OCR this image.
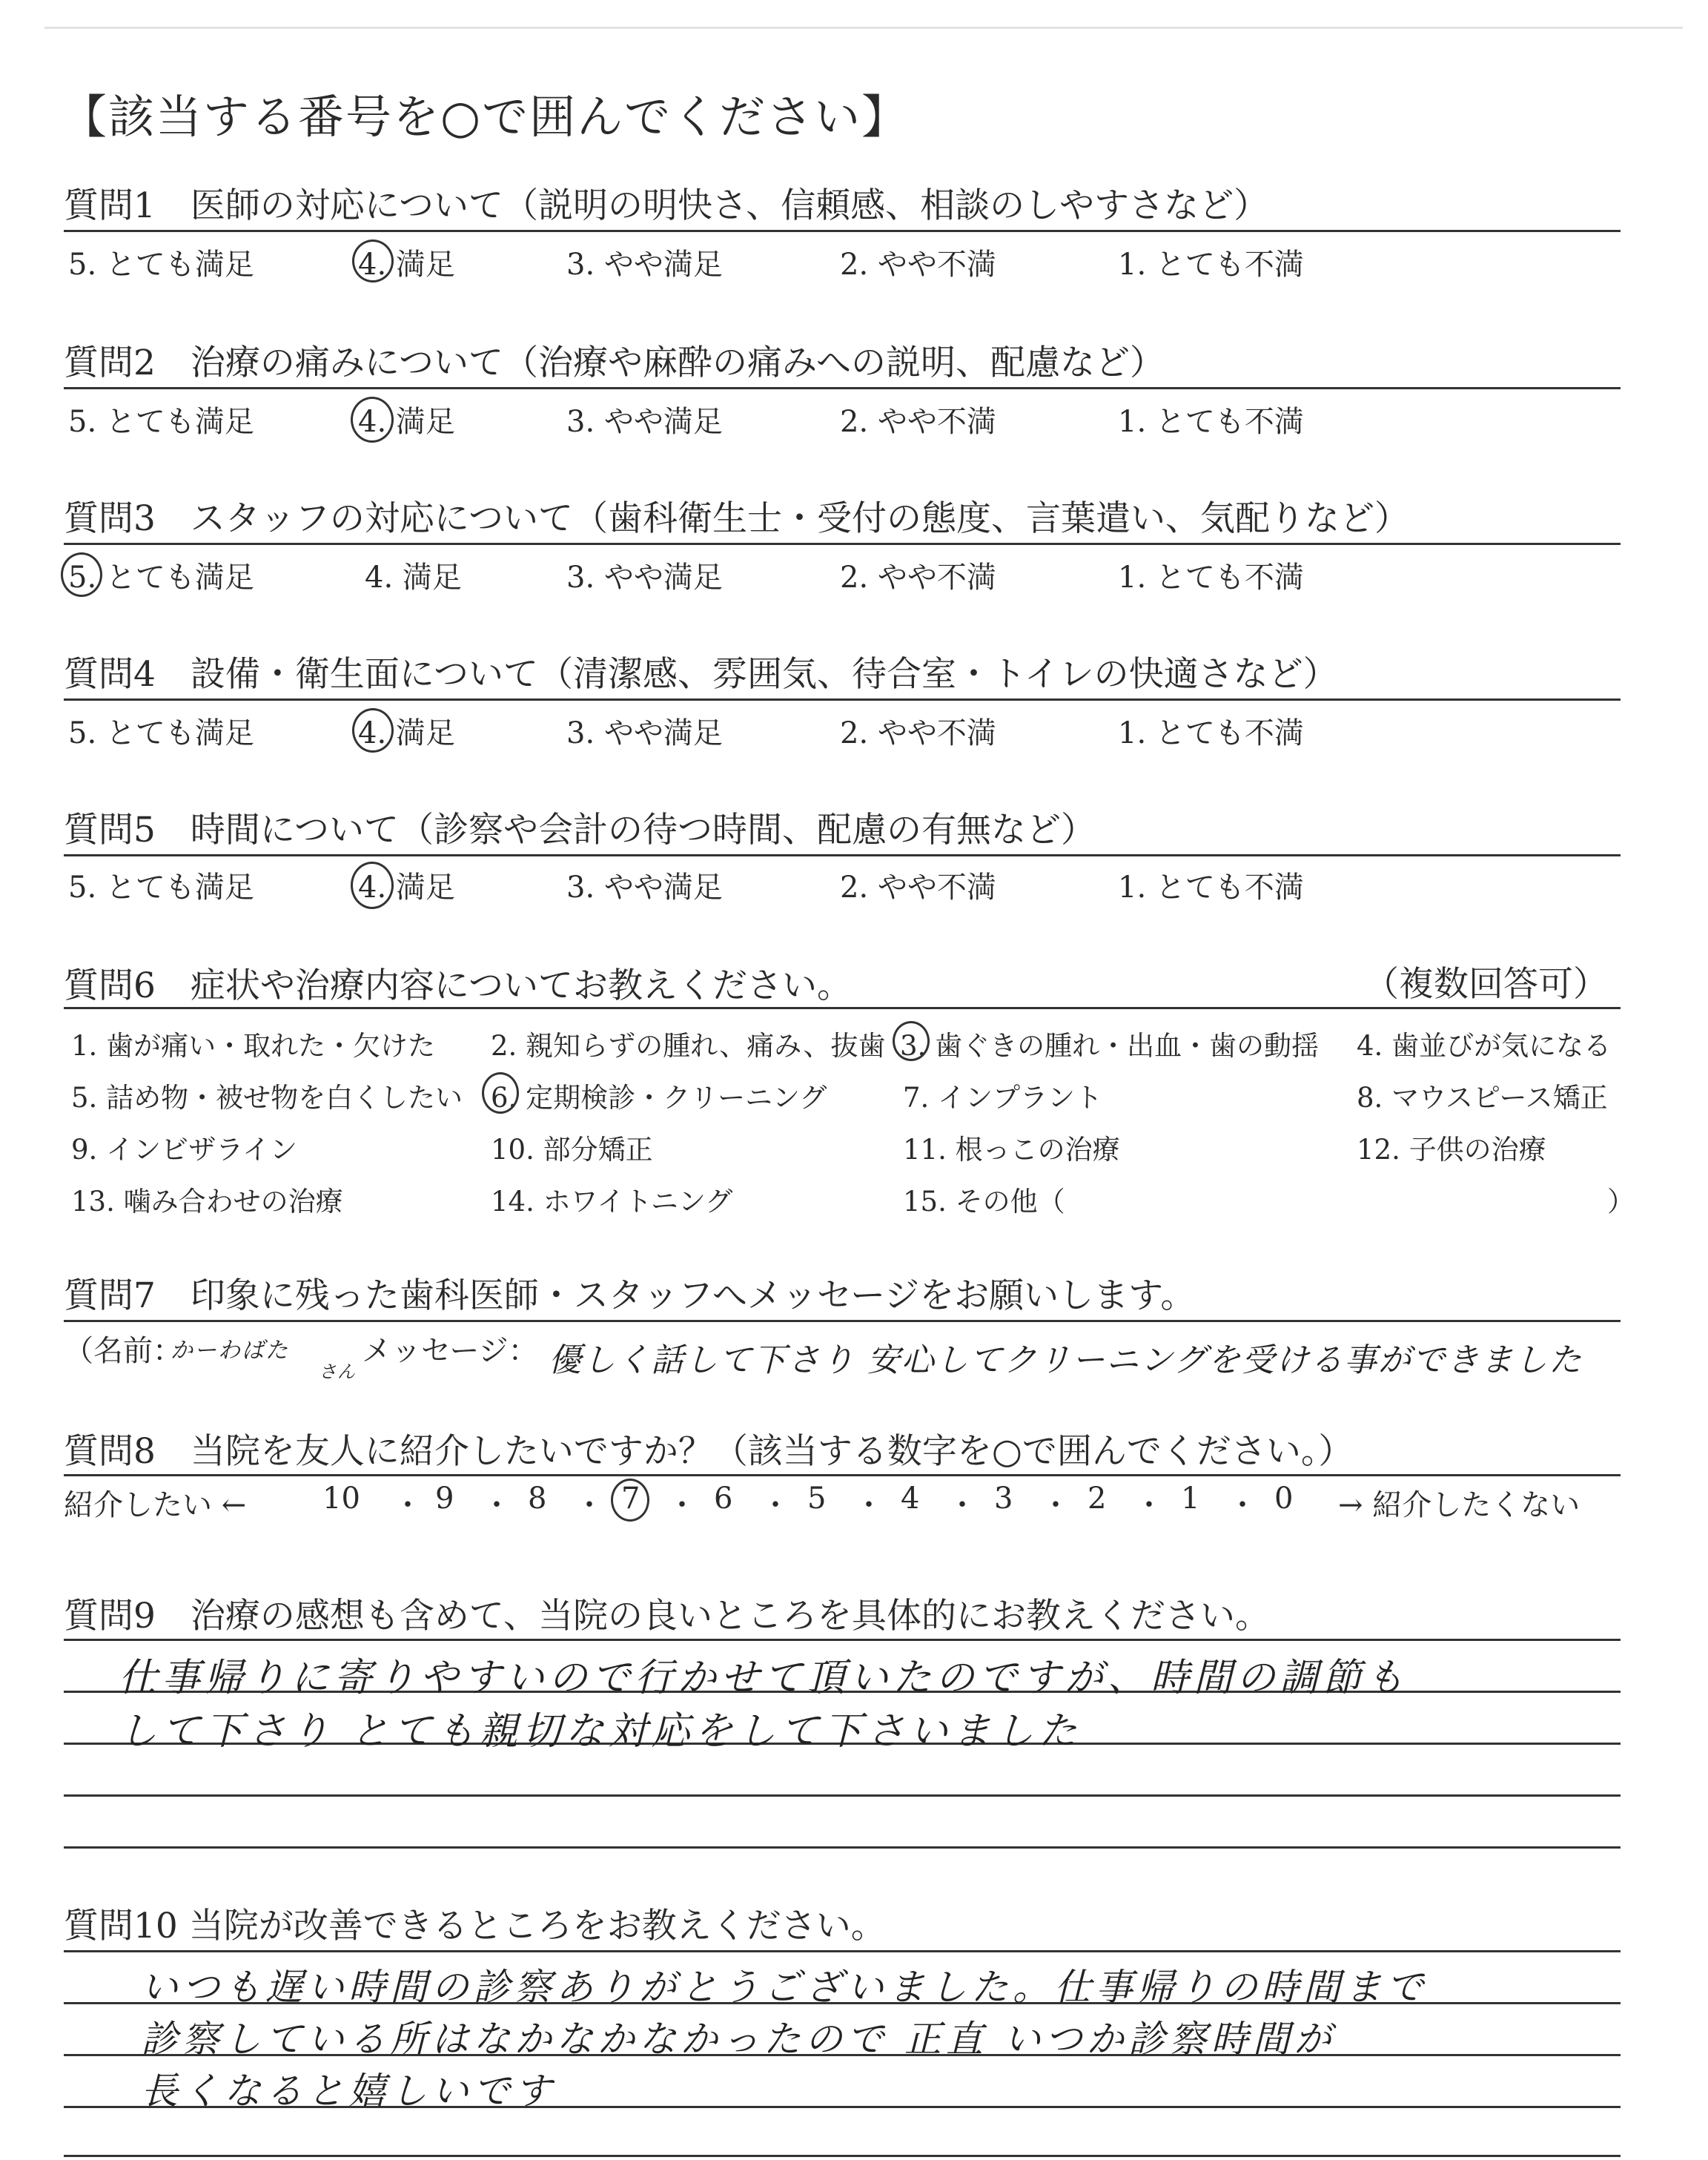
【該当する番号を○で囲んでください】
質問1　医師の対応について（説明の明快さ、信頼感、相談のしやすさなど）
5. とても満足	4. 満足	3. やや満足	2. やや不満	1. とても不満
質問2　治療の痛みについて（治療や麻酔の痛みへの説明、配慮など）
5. とても満足	4. 満足	3. やや満足	2. やや不満	1. とても不満
質問3　スタッフの対応について（歯科衛生士・受付の態度、言葉遣い、気配りなど）
5. とても満足	4. 満足	3. やや満足	2. やや不満	1. とても不満
質問4　設備・衛生面について（清潔感、雰囲気、待合室・トイレの快適さなど）
5. とても満足	4. 満足	3. やや満足	2. やや不満	1. とても不満
質問5　時間について（診察や会計の待つ時間、配慮の有無など）
5. とても満足	4. 満足	3. やや満足	2. やや不満	1. とても不満
質問6　症状や治療内容についてお教えください。	（複数回答可）
1. 歯が痛い・取れた・欠けた 2. 親知らずの腫れ、痛み、抜歯 3. 歯ぐきの腫れ・出血・歯の動揺 4. 歯並びが気になる
5. 詰め物・被せ物を白くしたい 6. 定期検診・クリーニング	7. インプラント	8. マウスピース矯正
9. インビザライン	10. 部分矯正	11. 根っこの治療	12. 子供の治療
13. 噛み合わせの治療	14. ホワイトニング	15. その他（	）
質問7　印象に残った歯科医師・スタッフへメッセージをお願いします。
（名前：
かーわばた
さん
メッセージ： 優しく話して下さり 安心してクリーニングを受ける事ができました
質問8　当院を友人に紹介したいですか？（該当する数字を○で囲んでください。）
紹介したい ←	10 ・ 9 ・ 8 ・ 7 ・ 6 ・ 5 ・ 4 ・ 3 ・ 2 ・ 1 ・ 0 → 紹介したくない
質問9　治療の感想も含めて、当院の良いところを具体的にお教えください。
仕事帰りに寄りやすいので行かせて頂いたのですが、時間の調節も
して下さり とても親切な対応をして下さいました
質問10 当院が改善できるところをお教えください。
いつも遅い時間の診察ありがとうございました。仕事帰りの時間まで
診察している所はなかなかなかったので 正直 いつか診察時間が
長くなると嬉しいです
